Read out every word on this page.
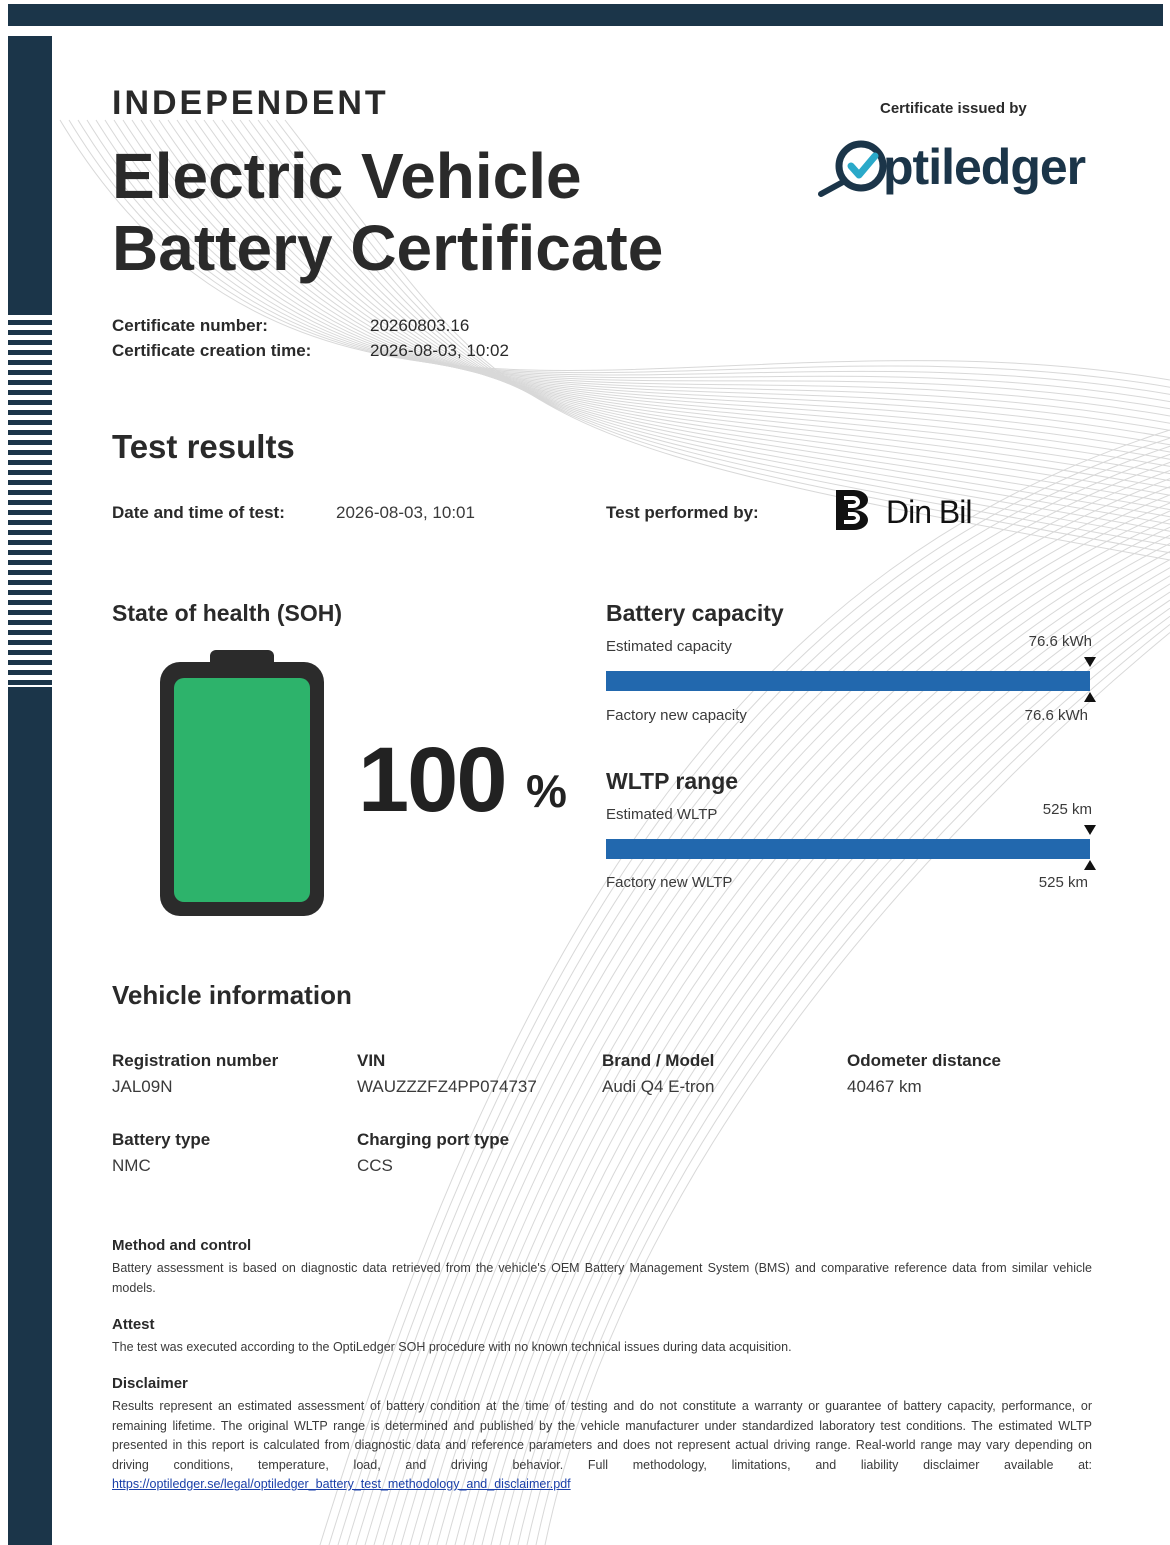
INDEPENDENT
Electric Vehicle
Battery Certificate
Certificate issued by
ptiledger
Certificate number:	20260803.16
Certificate creation time:	2026-08-03, 10:02
Test results
Date and time of test:	2026-08-03, 10:01	Test performed by:	Din Bil
State of health (SOH)
100 %
Battery capacity
Estimated capacity	76.6 kWh
Factory new capacity	76.6 kWh
WLTP range
Estimated WLTP	525 km
Factory new WLTP	525 km
Vehicle information
Registration number
JAL09N
VIN
WAUZZZFZ4PP074737
Brand / Model
Audi Q4 E-tron
Odometer distance
40467 km
Battery type
NMC
Charging port type
CCS
Method and control

Battery assessment is based on diagnostic data retrieved from the vehicle's OEM Battery Management System (BMS) and comparative reference data from similar vehicle models.

Attest

The test was executed according to the OptiLedger SOH procedure with no known technical issues during data acquisition.

Disclaimer

Results represent an estimated assessment of battery condition at the time of testing and do not constitute a warranty or guarantee of battery capacity, performance, or remaining lifetime. The original WLTP range is determined and published by the vehicle manufacturer under standardized laboratory test conditions. The estimated WLTP presented in this report is calculated from diagnostic data and reference parameters and does not represent actual driving range. Real-world range may vary depending on driving conditions, temperature, load, and driving behavior. Full methodology, limitations, and liability disclaimer available at: https://optiledger.se/legal/optiledger_battery_test_methodology_and_disclaimer.pdf
